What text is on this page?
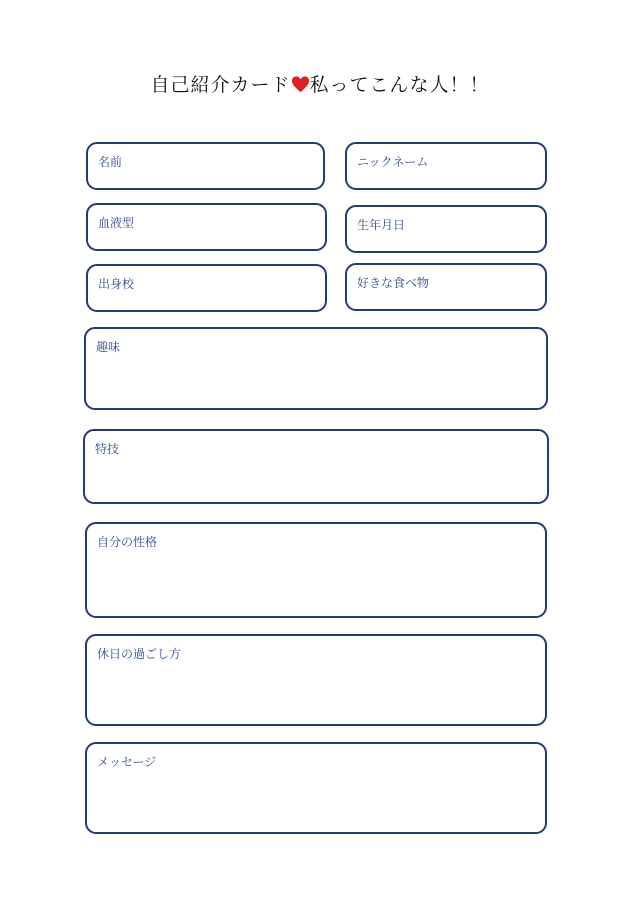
自己紹介カード 私ってこんな人！！
名前	ニックネーム
血液型	生年月日
出身校	好きな食べ物
趣味
特技
自分の性格
休日の過ごし方
メッセージ
